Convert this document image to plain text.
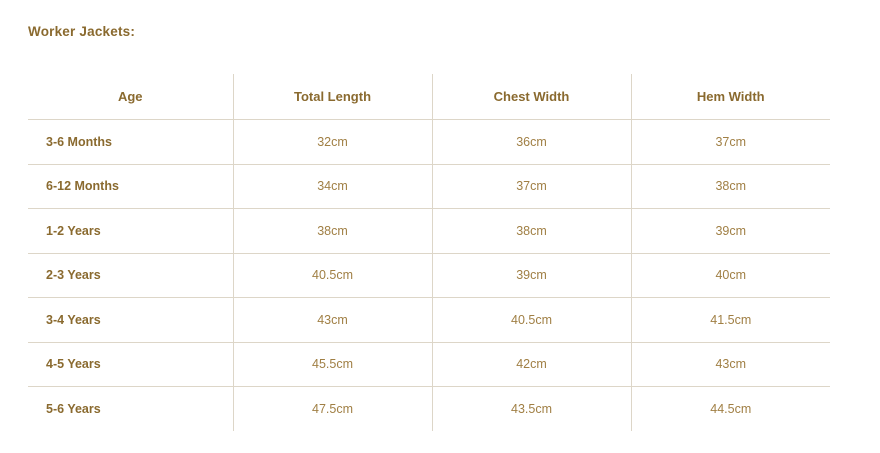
Worker Jackets:
Age	Total Length	Chest Width	Hem Width
3-6 Months	32cm	36cm	37cm
6-12 Months	34cm	37cm	38cm
1-2 Years	38cm	38cm	39cm
2-3 Years	40.5cm	39cm	40cm
3-4 Years	43cm	40.5cm	41.5cm
4-5 Years	45.5cm	42cm	43cm
5-6 Years	47.5cm	43.5cm	44.5cm
